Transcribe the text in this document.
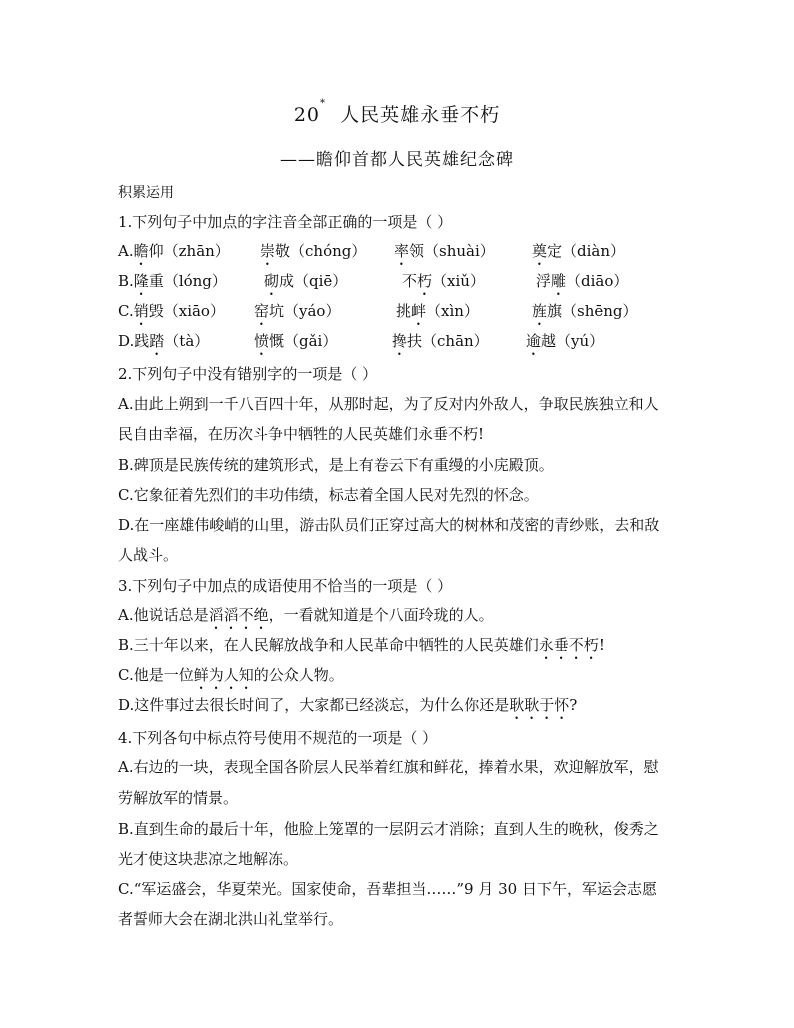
20*  人民英雄永垂不朽
——瞻仰首都人民英雄纪念碑
积累运用
1.下列句子中加点的字注音全部正确的一项是（ ）
A.瞻仰（zhān） 崇敬（chóng） 率领（shuài） 奠定（diàn）
B.隆重（lóng） 砌成（qiē）	不朽（xiǔ）	浮雕（diāo）
C.销毁（xiāo） 窑坑（yáo）	挑衅（xìn）	旌旗（shēng）
D.践踏（tà）	愤慨（gǎi）	搀扶（chān） 逾越（yú）
2.下列句子中没有错别字的一项是（ ）
A.由此上朔到一千八百四十年，从那时起，为了反对内外敌人，争取民族独立和人
民自由幸福，在历次斗争中牺牲的人民英雄们永垂不朽!
B.碑顶是民族传统的建筑形式，是上有卷云下有重缦的小庑殿顶。
C.它象征着先烈们的丰功伟绩，标志着全国人民对先烈的怀念。
D.在一座雄伟峻峭的山里，游击队员们正穿过高大的树林和茂密的青纱账，去和敌
人战斗。
3.下列句子中加点的成语使用不恰当的一项是（ ）
A.他说话总是滔滔不绝，一看就知道是个八面玲珑的人。
B.三十年以来，在人民解放战争和人民革命中牺牲的人民英雄们永垂不朽!
C.他是一位鲜为人知的公众人物。
D.这件事过去很长时间了，大家都已经淡忘，为什么你还是耿耿于怀?
4.下列各句中标点符号使用不规范的一项是（ ）
A.右边的一块，表现全国各阶层人民举着红旗和鲜花，捧着水果，欢迎解放军，慰
劳解放军的情景。
B.直到生命的最后十年，他脸上笼罩的一层阴云才消除；直到人生的晚秋，俊秀之
光才使这块悲凉之地解冻。
C.“军运盛会，华夏荣光。国家使命，吾辈担当……”9 月 30 日下午，军运会志愿
者誓师大会在湖北洪山礼堂举行。
